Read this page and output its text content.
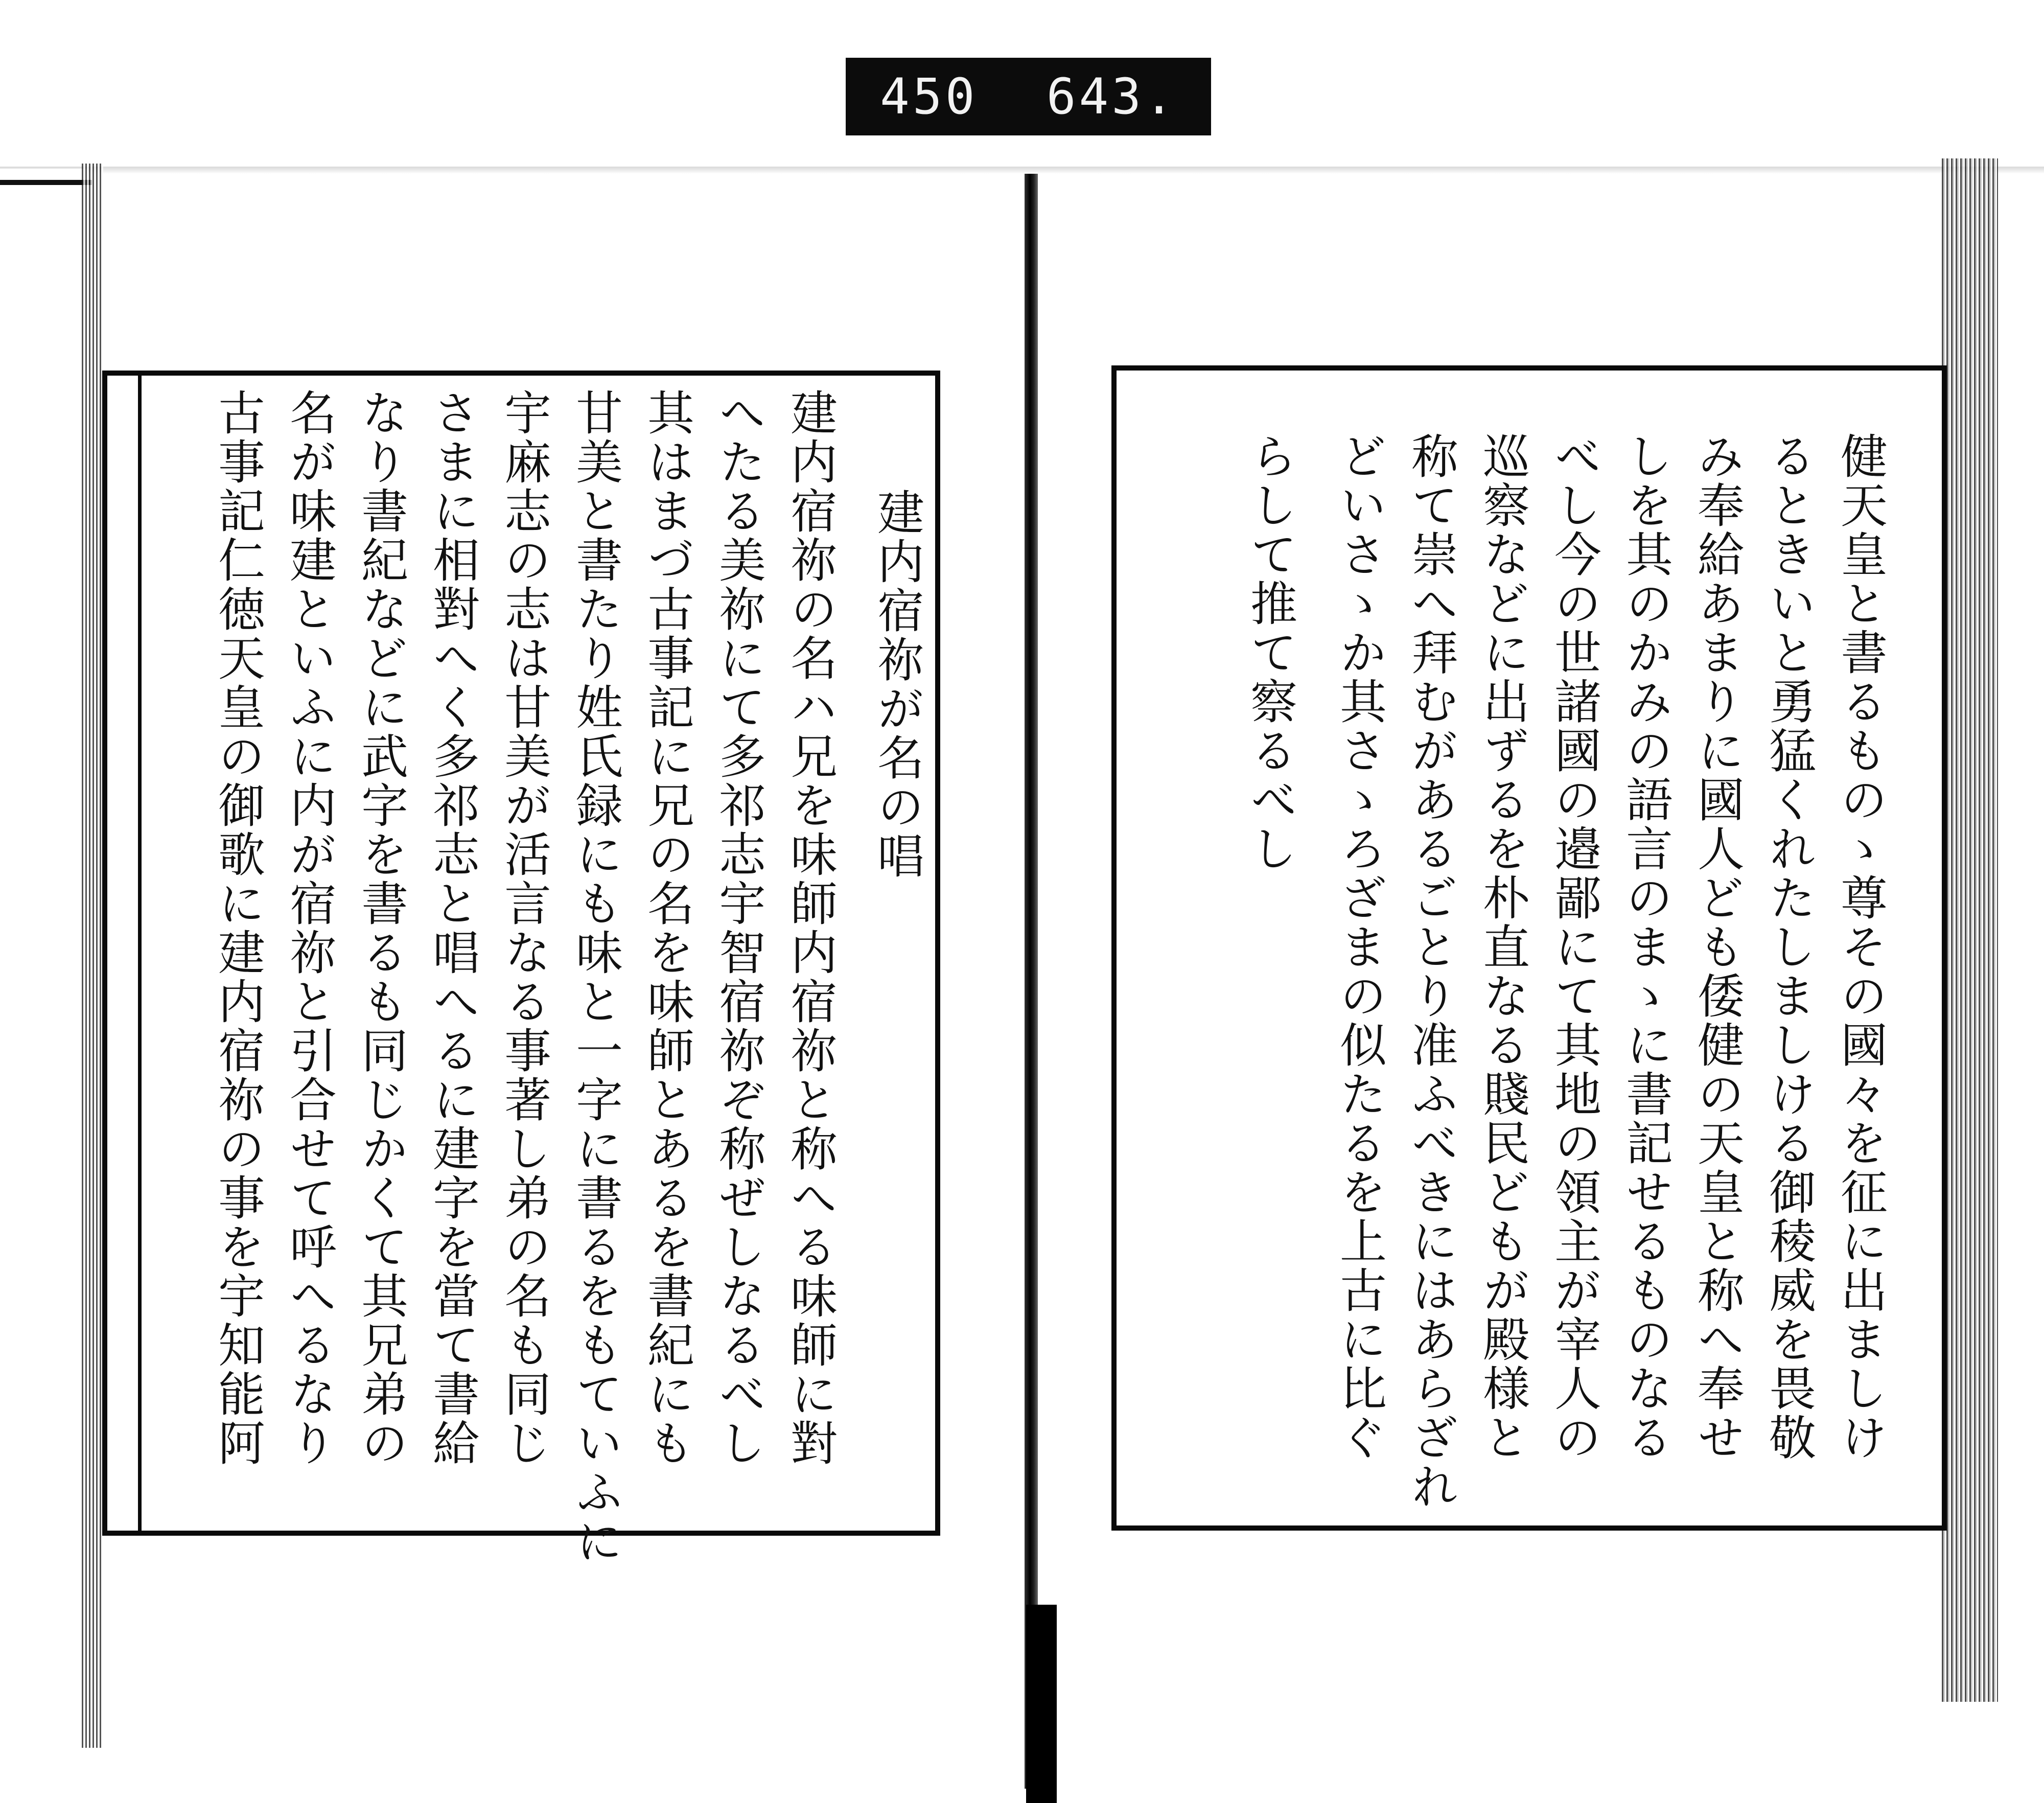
450 643.
建内宿祢が名の唱
建内宿祢の名ハ兄を味師内宿祢と称へる味師に對
へたる美祢にて多祁志宇智宿祢ぞ称ぜしなるべし
其はまづ古事記に兄の名を味師とあるを書紀にも
甘美と書たり姓氏録にも味と一字に書るをもていふに
宇麻志の志は甘美が活言なる事著し弟の名も同じ
さまに相對へく多祁志と唱へるに建字を當て書給
なり書紀などに武字を書るも同じかくて其兄弟の
名が味建といふに内が宿祢と引合せて呼へるなり
古事記仁徳天皇の御歌に建内宿祢の事を宇知能阿	健天皇と書るものゝ尊その國々を征に出ましけ
るときいと勇猛くれたしましける御稜威を畏敬
み奉給あまりに國人ども倭健の天皇と称へ奉せ
しを其のかみの語言のまゝに書記せるものなる
べし今の世諸國の邉鄙にて其地の領主が宰人の
巡察などに出ずるを朴直なる賤民どもが殿様と
称て崇へ拜むがあるごとり准ふべきにはあらざれ
どいさゝか其さゝろざまの似たるを上古に比ぐ
らして推て察るべし
